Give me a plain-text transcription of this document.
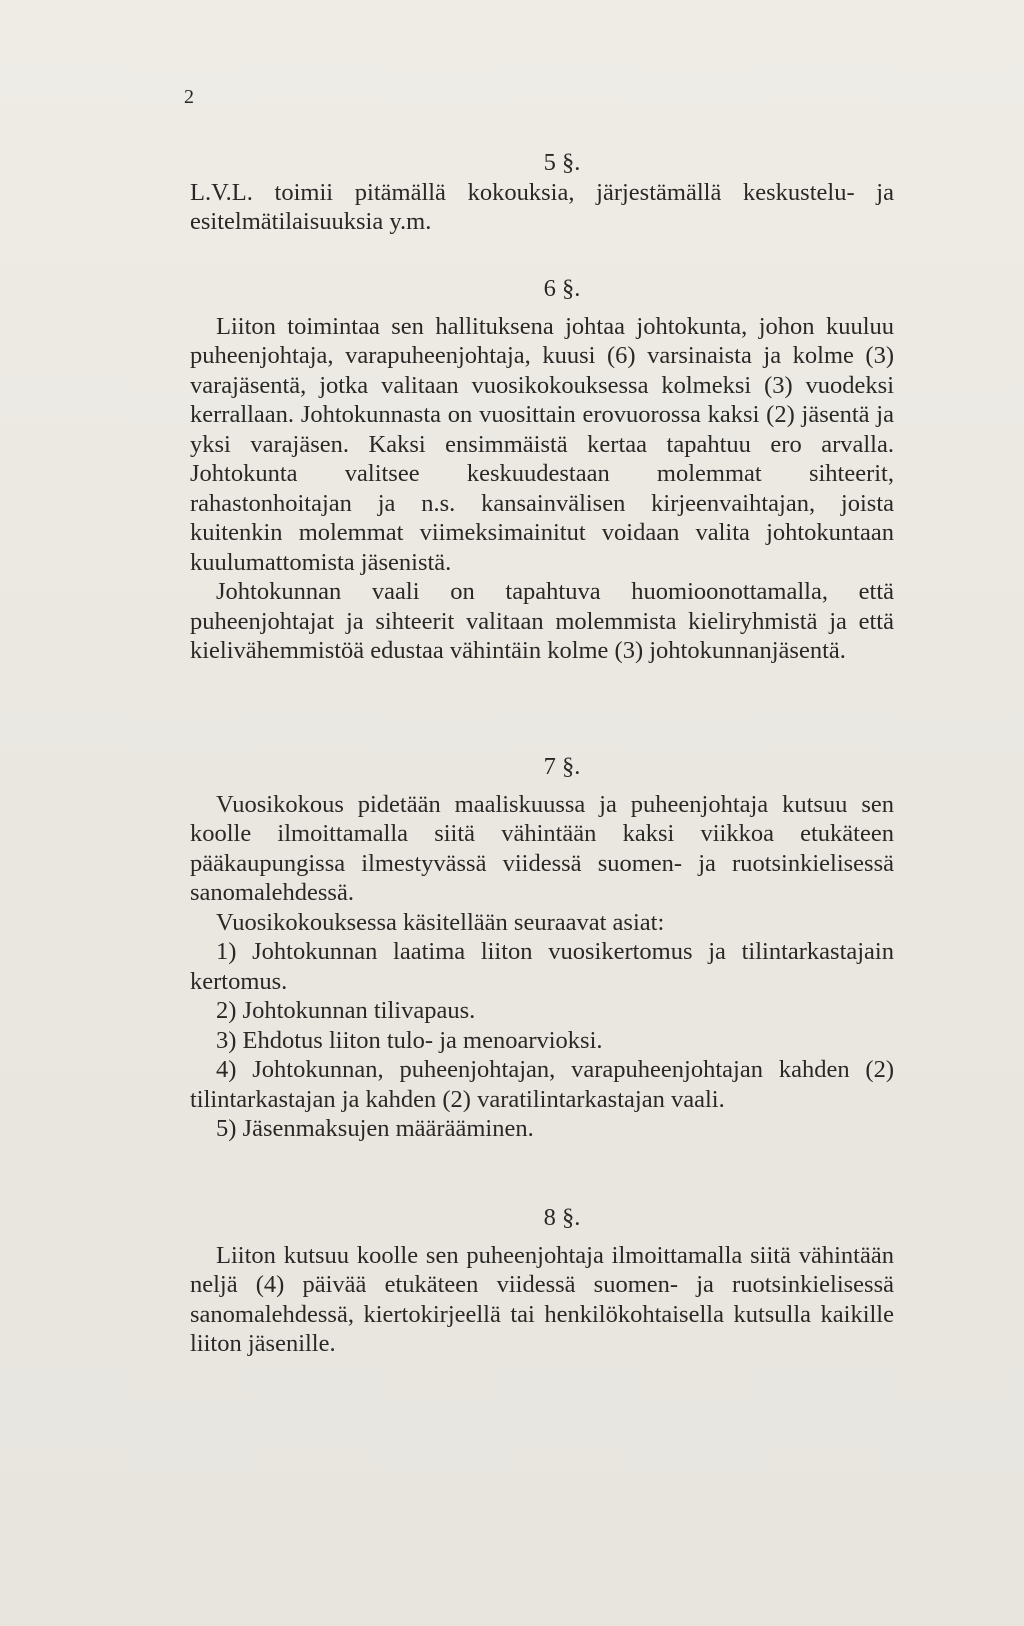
2

5 §.

L.V.L. toimii pitämällä kokouksia, järjestämällä keskustelu- ja esitelmätilaisuuksia y.m.

6 §.

Liiton toimintaa sen hallituksena johtaa johtokunta, johon kuuluu puheenjohtaja, varapuheenjohtaja, kuusi (6) varsinaista ja kolme (3) varajäsentä, jotka valitaan vuosikokouksessa kolmeksi (3) vuodeksi kerrallaan. Johtokunnasta on vuosittain erovuorossa kaksi (2) jäsentä ja yksi varajäsen. Kaksi ensimmäistä kertaa tapahtuu ero arvalla. Johtokunta valitsee keskuudestaan molemmat sihteerit, rahastonhoitajan ja n.s. kansainvälisen kirjeenvaihtajan, joista kuitenkin molemmat viimeksimainitut voidaan valita johtokuntaan kuulumattomista jäsenistä.

Johtokunnan vaali on tapahtuva huomioonottamalla, että puheenjohtajat ja sihteerit valitaan molemmista kieliryhmistä ja että kielivähemmistöä edustaa vähintäin kolme (3) johtokunnanjäsentä.

7 §.

Vuosikokous pidetään maaliskuussa ja puheenjohtaja kutsuu sen koolle ilmoittamalla siitä vähintään kaksi viikkoa etukäteen pääkaupungissa ilmestyvässä viidessä suomen- ja ruotsinkielisessä sanomalehdessä.

Vuosikokouksessa käsitellään seuraavat asiat:

1) Johtokunnan laatima liiton vuosikertomus ja tilintarkastajain kertomus.

2) Johtokunnan tilivapaus.

3) Ehdotus liiton tulo- ja menoarvioksi.

4) Johtokunnan, puheenjohtajan, varapuheenjohtajan kahden (2) tilintarkastajan ja kahden (2) varatilintarkastajan vaali.

5) Jäsenmaksujen määrääminen.

8 §.

Liiton kutsuu koolle sen puheenjohtaja ilmoittamalla siitä vähintään neljä (4) päivää etukäteen viidessä suomen- ja ruotsinkielisessä sanomalehdessä, kiertokirjeellä tai henkilökohtaisella kutsulla kaikille liiton jäsenille.
